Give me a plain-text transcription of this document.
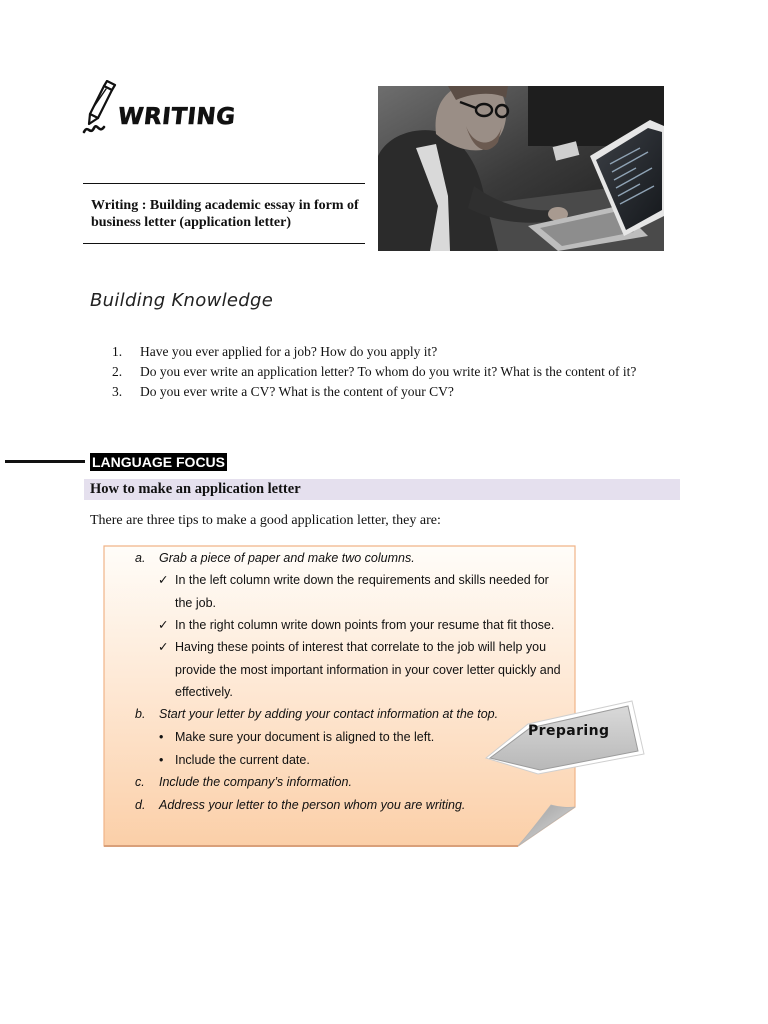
WRITING
Writing : Building academic essay in form of business letter (application letter)
Building Knowledge
1.	Have you ever applied for a job? How do you apply it?
2.	Do you ever write an application letter? To whom do you write it? What is the content of it?
3.	Do you ever write a CV? What is the content of your CV?
LANGUAGE FOCUS
How to make an application letter
There are three tips to make a good application letter, they are:
a. Grab a piece of paper and make two columns.
✓ In the left column write down the requirements and skills needed for
the job.
✓ In the right column write down points from your resume that fit those.
✓ Having these points of interest that correlate to the job will help you
provide the most important information in your cover letter quickly and
effectively.
b. Start your letter by adding your contact information at the top.
• Make sure your document is aligned to the left.
• Include the current date.
c. Include the company’s information.
d. Address your letter to the person whom you are writing.
Preparing
